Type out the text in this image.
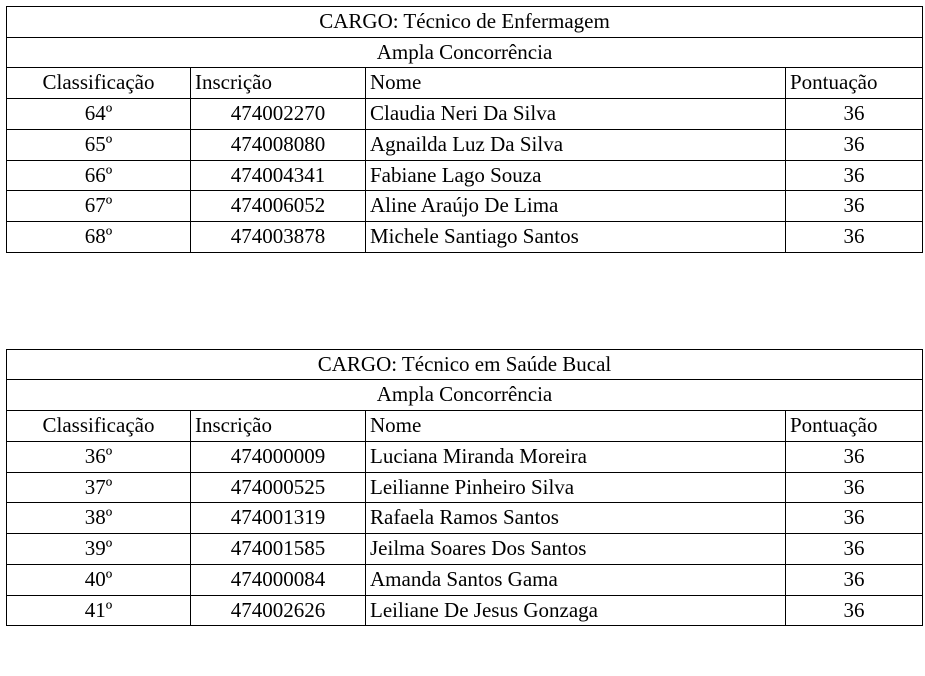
CARGO: Técnico de Enfermagem			
Ampla Concorrência			
Classificação	Inscrição	Nome	Pontuação
64º	474002270	Claudia Neri Da Silva	36
65º	474008080	Agnailda Luz Da Silva	36
66º	474004341	Fabiane Lago Souza	36
67º	474006052	Aline Araújo De Lima	36
68º	474003878	Michele Santiago Santos	36
CARGO: Técnico em Saúde Bucal			
Ampla Concorrência			
Classificação	Inscrição	Nome	Pontuação
36º	474000009	Luciana Miranda Moreira	36
37º	474000525	Leilianne Pinheiro Silva	36
38º	474001319	Rafaela Ramos Santos	36
39º	474001585	Jeilma Soares Dos Santos	36
40º	474000084	Amanda Santos Gama	36
41º	474002626	Leiliane De Jesus Gonzaga	36
